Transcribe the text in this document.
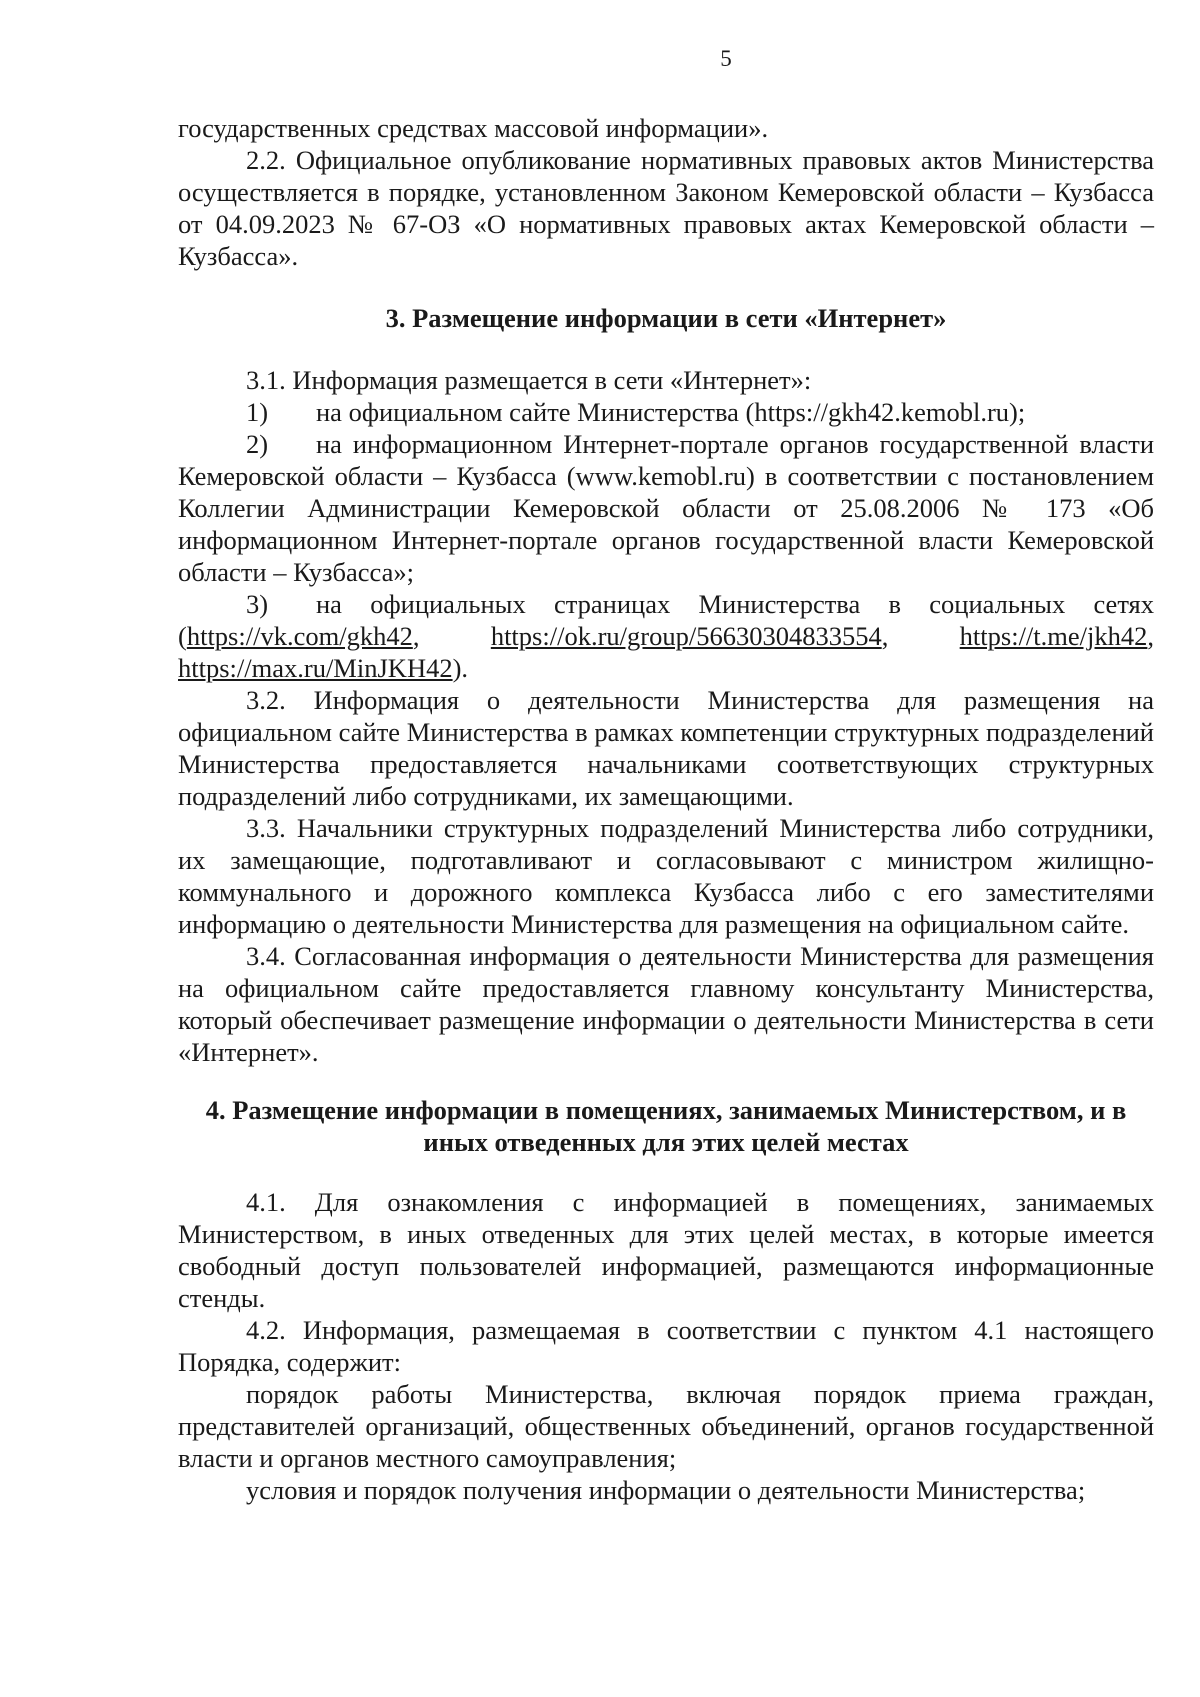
5

государственных средствах массовой информации».

2.2. Официальное опубликование нормативных правовых актов Министерства осуществляется в порядке, установленном Законом Кемеровской области – Кузбасса от 04.09.2023 № 67-ОЗ «О нормативных правовых актах Кемеровской области – Кузбасса».

3. Размещение информации в сети «Интернет»

3.1. Информация размещается в сети «Интернет»:

1) на официальном сайте Министерства (https://gkh42.kemobl.ru);

2) на информационном Интернет-портале органов государственной власти Кемеровской области – Кузбасса (www.kemobl.ru) в соответствии с постановлением Коллегии Администрации Кемеровской области от 25.08.2006 № 173 «Об информационном Интернет-портале органов государственной власти Кемеровской области – Кузбасса»;

3) на официальных страницах Министерства в социальных сетях (https://vk.com/gkh42, https://ok.ru/group/56630304833554, https://t.me/jkh42, https://max.ru/MinJKH42).

3.2. Информация о деятельности Министерства для размещения на официальном сайте Министерства в рамках компетенции структурных подразделений Министерства предоставляется начальниками соответствующих структурных подразделений либо сотрудниками, их замещающими.

3.3. Начальники структурных подразделений Министерства либо сотрудники, их замещающие, подготавливают и согласовывают с министром жилищно-коммунального и дорожного комплекса Кузбасса либо с его заместителями информацию о деятельности Министерства для размещения на официальном сайте.

3.4. Согласованная информация о деятельности Министерства для размещения на официальном сайте предоставляется главному консультанту Министерства, который обеспечивает размещение информации о деятельности Министерства в сети «Интернет».

4. Размещение информации в помещениях, занимаемых Министерством, и в иных отведенных для этих целей местах

4.1. Для ознакомления с информацией в помещениях, занимаемых Министерством, в иных отведенных для этих целей местах, в которые имеется свободный доступ пользователей информацией, размещаются информационные стенды.

4.2. Информация, размещаемая в соответствии с пунктом 4.1 настоящего Порядка, содержит:

порядок работы Министерства, включая порядок приема граждан, представителей организаций, общественных объединений, органов государственной власти и органов местного самоуправления;

условия и порядок получения информации о деятельности Министерства;
